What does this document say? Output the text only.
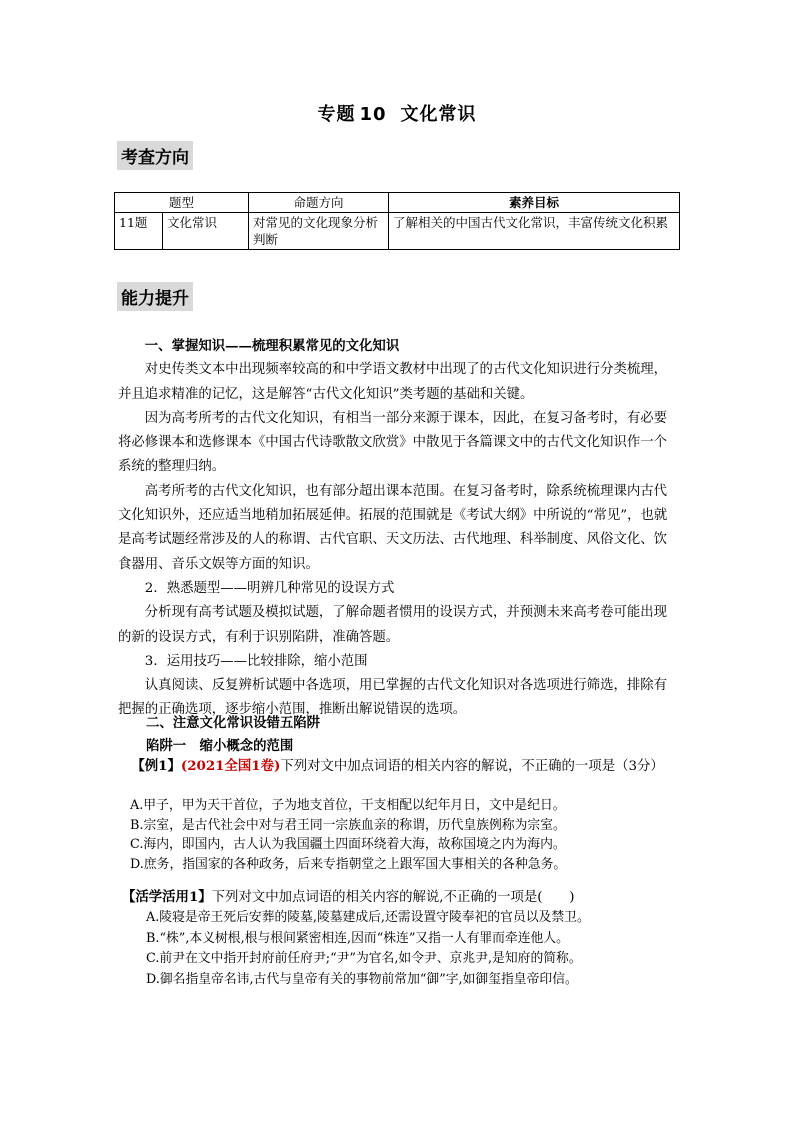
专题 10 文化常识
考查方向
题型		命题方向	素养目标
11题	文化常识	对常见的文化现象分析判断	了解相关的中国古代文化常识，丰富传统文化积累
能力提升
一、掌握知识——梳理积累常见的文化知识
对史传类文本中出现频率较高的和中学语文教材中出现了的古代文化知识进行分类梳理，并且追求精准的记忆，这是解答“古代文化知识”类考题的基础和关键。
因为高考所考的古代文化知识，有相当一部分来源于课本，因此，在复习备考时，有必要将必修课本和选修课本《中国古代诗歌散文欣赏》中散见于各篇课文中的古代文化知识作一个系统的整理归纳。
高考所考的古代文化知识，也有部分超出课本范围。在复习备考时，除系统梳理课内古代文化知识外，还应适当地稍加拓展延伸。拓展的范围就是《考试大纲》中所说的“常见”，也就是高考试题经常涉及的人的称谓、古代官职、天文历法、古代地理、科举制度、风俗文化、饮食器用、音乐文娱等方面的知识。
2．熟悉题型——明辨几种常见的设误方式
分析现有高考试题及模拟试题，了解命题者惯用的设误方式，并预测未来高考卷可能出现的新的设误方式，有利于识别陷阱，准确答题。
3．运用技巧——比较排除，缩小范围
认真阅读、反复辨析试题中各选项，用已掌握的古代文化知识对各选项进行筛选，排除有把握的正确选项，逐步缩小范围，推断出解说错误的选项。
二、注意文化常识设错五陷阱
陷阱一　缩小概念的范围
【例1】(2021全国1卷)下列对文中加点词语的相关内容的解说，不正确的一项是（3分）
A.甲子，甲为天干首位，子为地支首位，干支相配以纪年月日，文中是纪日。
B.宗室，是古代社会中对与君王同一宗族血亲的称谓，历代皇族例称为宗室。
C.海内，即国内，古人认为我国疆土四面环绕着大海，故称国境之内为海内。
D.庶务，指国家的各种政务，后来专指朝堂之上跟军国大事相关的各种急务。
【活学活用1】下列对文中加点词语的相关内容的解说,不正确的一项是(　　)
A.陵寝是帝王死后安葬的陵墓,陵墓建成后,还需设置守陵奉祀的官员以及禁卫。
B.“株”,本义树根,根与根间紧密相连,因而“株连”又指一人有罪而牵连他人。
C.前尹在文中指开封府前任府尹;“尹”为官名,如令尹、京兆尹,是知府的简称。
D.御名指皇帝名讳,古代与皇帝有关的事物前常加“御”字,如御玺指皇帝印信。
